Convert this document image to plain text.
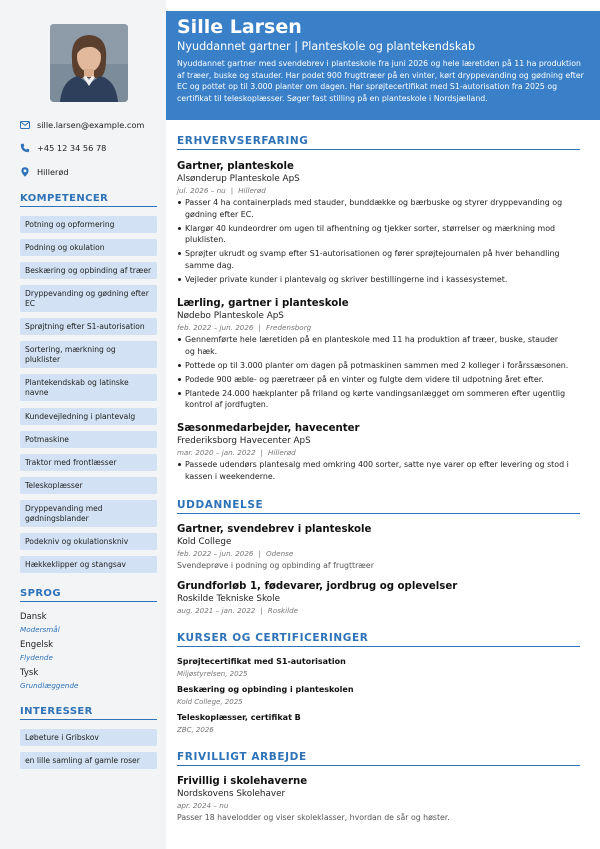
sille.larsen@example.com
+45 12 34 56 78
Hillerød
KOMPETENCER
Potning og opformering
Podning og okulation
Beskæring og opbinding af træer
Dryppevanding og gødning efter EC
Sprøjtning efter S1-autorisation
Sortering, mærkning og pluklister
Plantekendskab og latinske navne
Kundevejledning i plantevalg
Potmaskine
Traktor med frontlæsser
Teleskoplæsser
Dryppevanding med gødningsblander
Podekniv og okulationskniv
Hækkeklipper og stangsav
SPROG
Dansk
Modersmål
Engelsk
Flydende
Tysk
Grundlæggende
INTERESSER
Løbeture i Gribskov
en lille samling af gamle roser
Sille Larsen
Nyuddannet gartner | Planteskole og plantekendskab
Nyuddannet gartner med svendebrev i planteskole fra juni 2026 og hele læretiden på 11 ha produktion af træer, buske og stauder. Har podet 900 frugttræer på en vinter, kørt dryppevanding og gødning efter EC og pottet op til 3.000 planter om dagen. Har sprøjtecertifikat med S1-autorisation fra 2025 og certifikat til teleskoplæsser. Søger fast stilling på en planteskole i Nordsjælland.
ERHVERVSERFARING
Gartner, planteskole
Alsønderup Planteskole ApS
jul. 2026 – nu | Hillerød
Passer 4 ha containerplads med stauder, bunddække og bærbuske og styrer dryppevanding og gødning efter EC.
Klargør 40 kundeordrer om ugen til afhentning og tjekker sorter, størrelser og mærkning mod pluklisten.
Sprøjter ukrudt og svamp efter S1-autorisationen og fører sprøjtejournalen på hver behandling samme dag.
Vejleder private kunder i plantevalg og skriver bestillingerne ind i kassesystemet.
Lærling, gartner i planteskole
Nødebo Planteskole ApS
feb. 2022 – jun. 2026 | Fredensborg
Gennemførte hele læretiden på en planteskole med 11 ha produktion af træer, buske, stauder og hæk.
Pottede op til 3.000 planter om dagen på potmaskinen sammen med 2 kolleger i forårssæsonen.
Podede 900 æble- og pæretræer på en vinter og fulgte dem videre til udpotning året efter.
Plantede 24.000 hækplanter på friland og kørte vandingsanlægget om sommeren efter ugentlig kontrol af jordfugten.
Sæsonmedarbejder, havecenter
Frederiksborg Havecenter ApS
mar. 2020 – jan. 2022 | Hillerød
Passede udendørs plantesalg med omkring 400 sorter, satte nye varer op efter levering og stod i kassen i weekenderne.
UDDANNELSE
Gartner, svendebrev i planteskole
Kold College
feb. 2022 – jun. 2026 | Odense
Svendeprøve i podning og opbinding af frugttræer
Grundforløb 1, fødevarer, jordbrug og oplevelser
Roskilde Tekniske Skole
aug. 2021 – jan. 2022 | Roskilde
KURSER OG CERTIFICERINGER
Sprøjtecertifikat med S1-autorisation
Miljøstyrelsen, 2025
Beskæring og opbinding i planteskolen
Kold College, 2025
Teleskoplæsser, certifikat B
ZBC, 2026
FRIVILLIGT ARBEJDE
Frivillig i skolehaverne
Nordskovens Skolehaver
apr. 2024 – nu
Passer 18 havelodder og viser skoleklasser, hvordan de sår og høster.
